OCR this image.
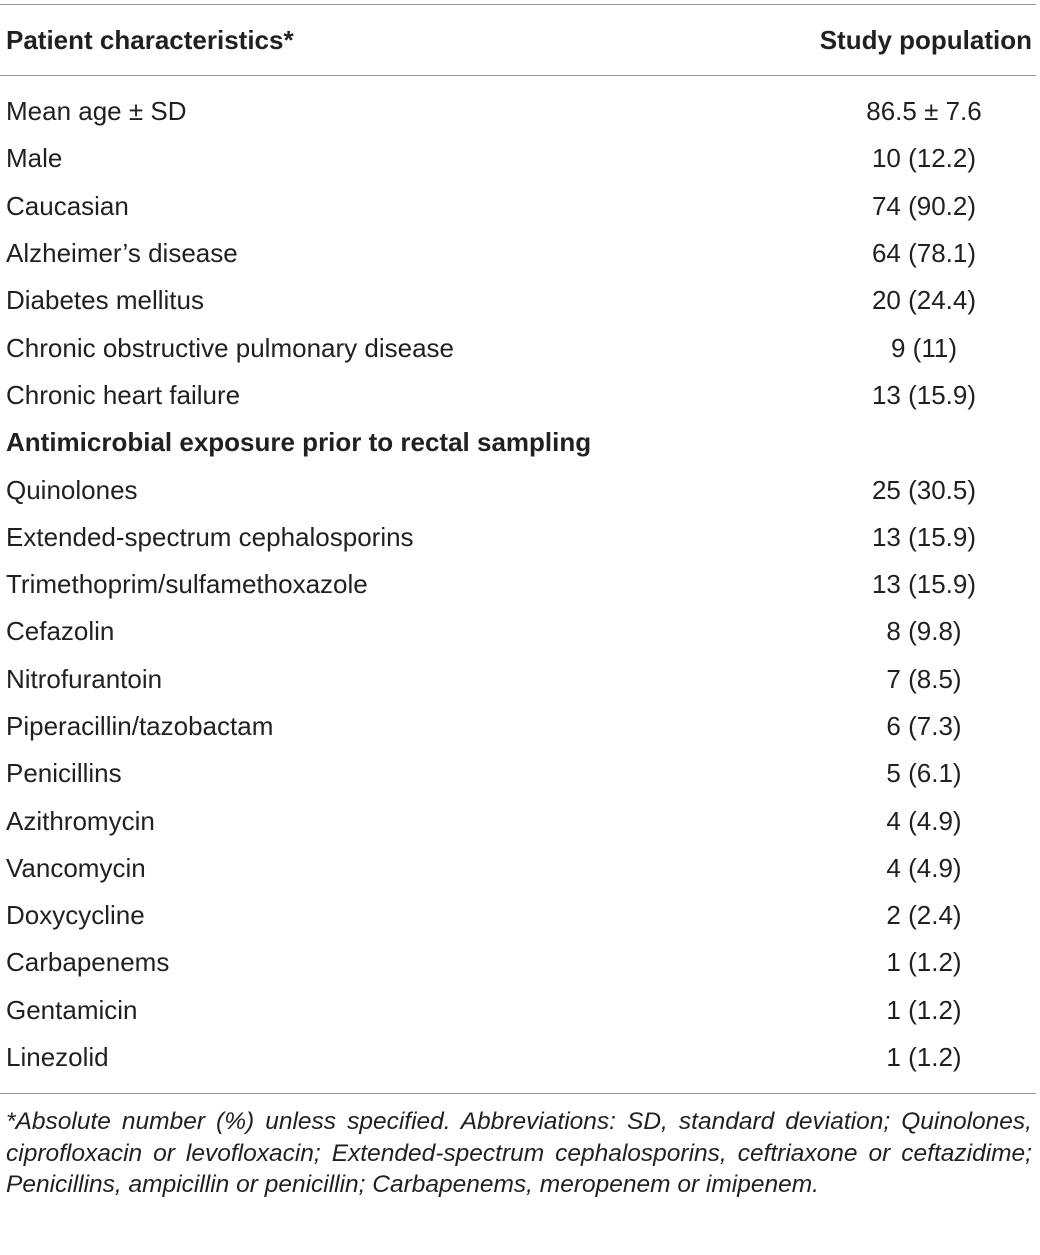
Patient characteristics*	Study population
Mean age ± SD	86.5 ± 7.6
Male	10 (12.2)
Caucasian	74 (90.2)
Alzheimer’s disease	64 (78.1)
Diabetes mellitus	20 (24.4)
Chronic obstructive pulmonary disease	9 (11)
Chronic heart failure	13 (15.9)
Antimicrobial exposure prior to rectal sampling
Quinolones	25 (30.5)
Extended-spectrum cephalosporins	13 (15.9)
Trimethoprim/sulfamethoxazole	13 (15.9)
Cefazolin	8 (9.8)
Nitrofurantoin	7 (8.5)
Piperacillin/tazobactam	6 (7.3)
Penicillins	5 (6.1)
Azithromycin	4 (4.9)
Vancomycin	4 (4.9)
Doxycycline	2 (2.4)
Carbapenems	1 (1.2)
Gentamicin	1 (1.2)
Linezolid	1 (1.2)
*Absolute number (%) unless specified. Abbreviations: SD, standard deviation; Quinolones, ciprofloxacin or levofloxacin; Extended-spectrum cephalosporins, ceftriaxone or ceftazidime; Penicillins, ampicillin or penicillin; Carbapenems, meropenem or imipenem.
